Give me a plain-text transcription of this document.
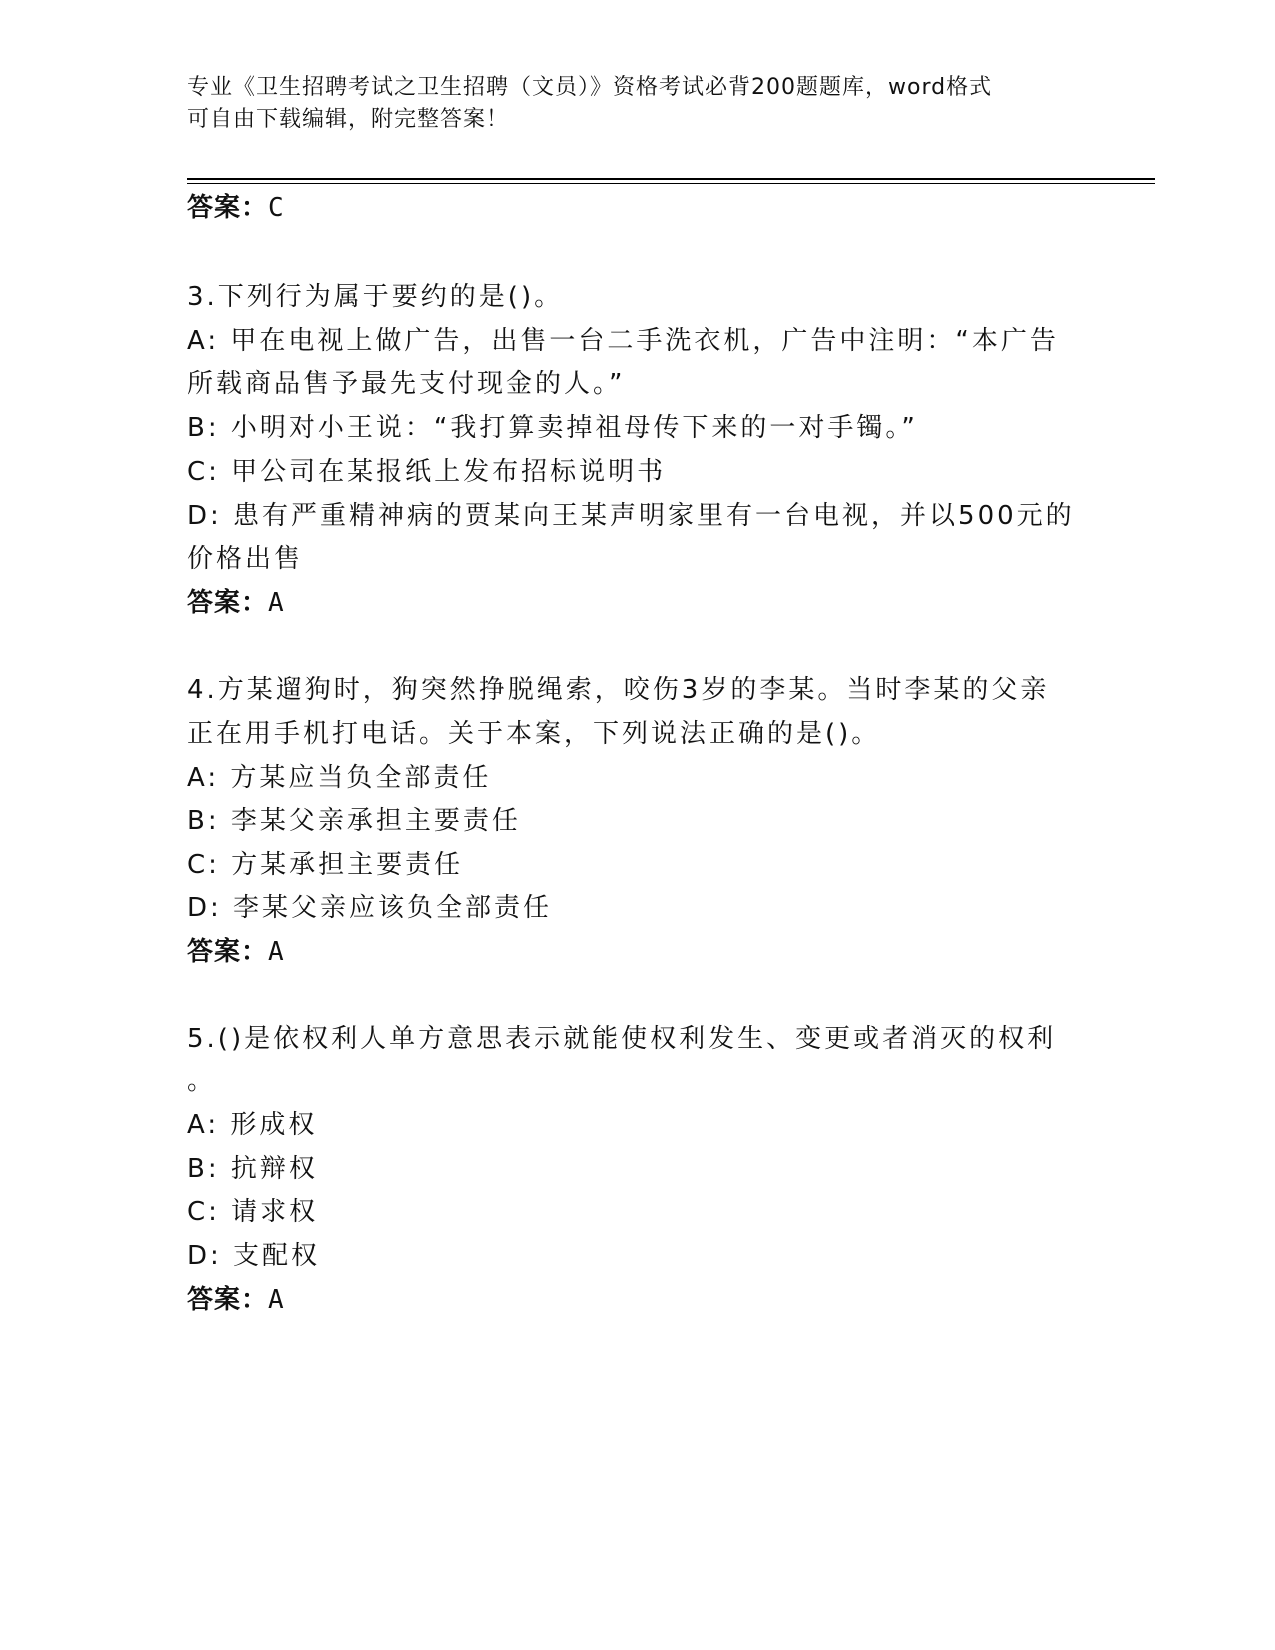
专业《卫生招聘考试之卫生招聘（文员）》资格考试必背200题题库，word格式
可自由下载编辑，附完整答案！
答案：C
3.下列行为属于要约的是()。
A: 甲在电视上做广告，出售一台二手洗衣机，广告中注明：“本广告
所载商品售予最先支付现金的人。”
B: 小明对小王说：“我打算卖掉祖母传下来的一对手镯。”
C: 甲公司在某报纸上发布招标说明书
D: 患有严重精神病的贾某向王某声明家里有一台电视，并以500元的
价格出售
答案：A
4.方某遛狗时，狗突然挣脱绳索，咬伤3岁的李某。当时李某的父亲
正在用手机打电话。关于本案，下列说法正确的是()。
A: 方某应当负全部责任
B: 李某父亲承担主要责任
C: 方某承担主要责任
D: 李某父亲应该负全部责任
答案：A
5.()是依权利人单方意思表示就能使权利发生、变更或者消灭的权利
。
A: 形成权
B: 抗辩权
C: 请求权
D: 支配权
答案：A
